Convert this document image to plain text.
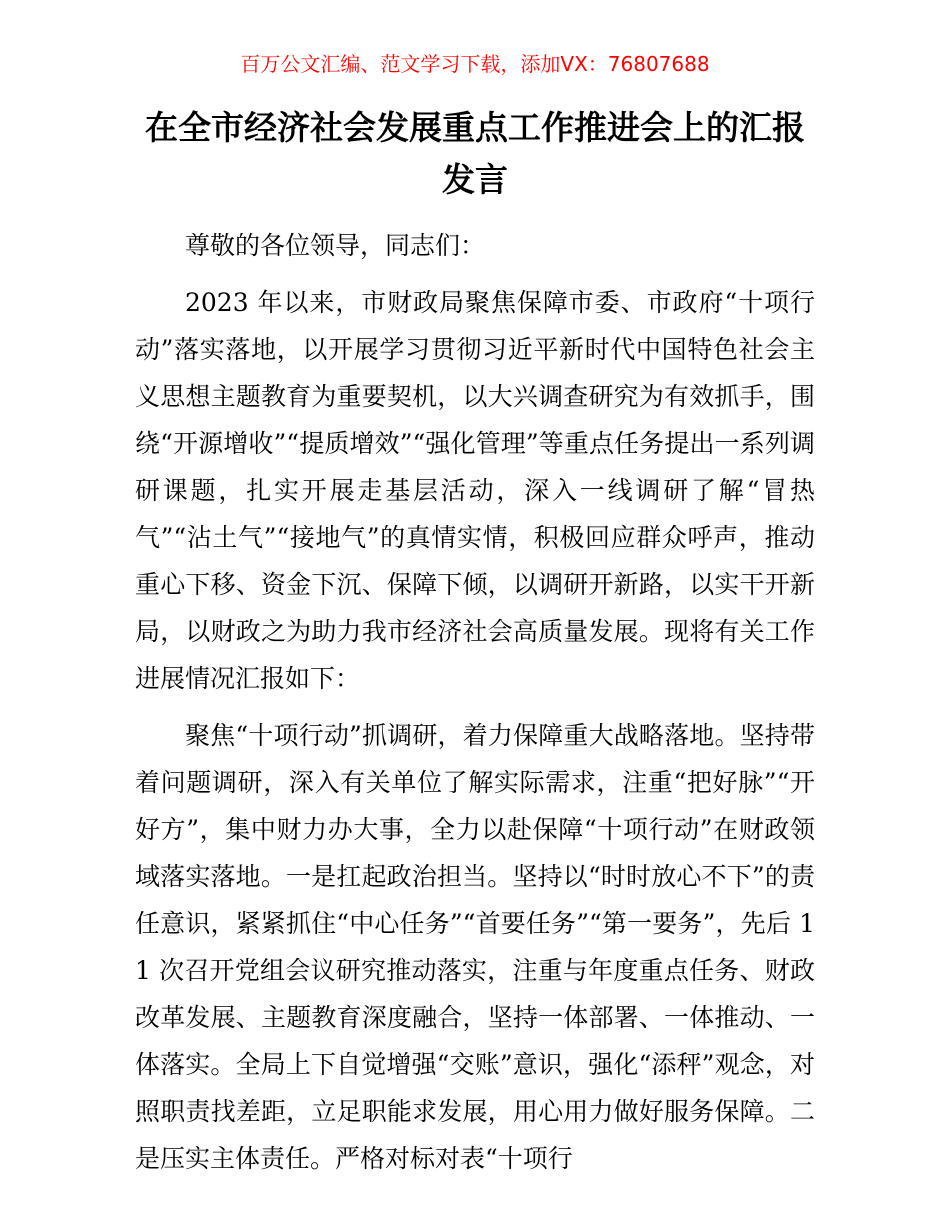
百万公文汇编、范文学习下载，添加VX：76807688
在全市经济社会发展重点工作推进会上的汇报发言

尊敬的各位领导，同志们：

2023 年以来，市财政局聚焦保障市委、市政府“十项行动”落实落地，以开展学习贯彻习近平新时代中国特色社会主义思想主题教育为重要契机，以大兴调查研究为有效抓手，围绕“开源增收”“提质增效”“强化管理”等重点任务提出一系列调研课题，扎实开展走基层活动，深入一线调研了解“冒热气”“沾土气”“接地气”的真情实情，积极回应群众呼声，推动重心下移、资金下沉、保障下倾，以调研开新路，以实干开新局，以财政之为助力我市经济社会高质量发展。现将有关工作进展情况汇报如下：

聚焦“十项行动”抓调研，着力保障重大战略落地。坚持带着问题调研，深入有关单位了解实际需求，注重“把好脉”“开好方”，集中财力办大事，全力以赴保障“十项行动”在财政领域落实落地。一是扛起政治担当。坚持以“时时放心不下”的责任意识，紧紧抓住“中心任务”“首要任务”“第一要务”，先后 11 次召开党组会议研究推动落实，注重与年度重点任务、财政改革发展、主题教育深度融合，坚持一体部署、一体推动、一体落实。全局上下自觉增强“交账”意识，强化“添秤”观念，对照职责找差距，立足职能求发展，用心用力做好服务保障。二是压实主体责任。严格对标对表“十项行
